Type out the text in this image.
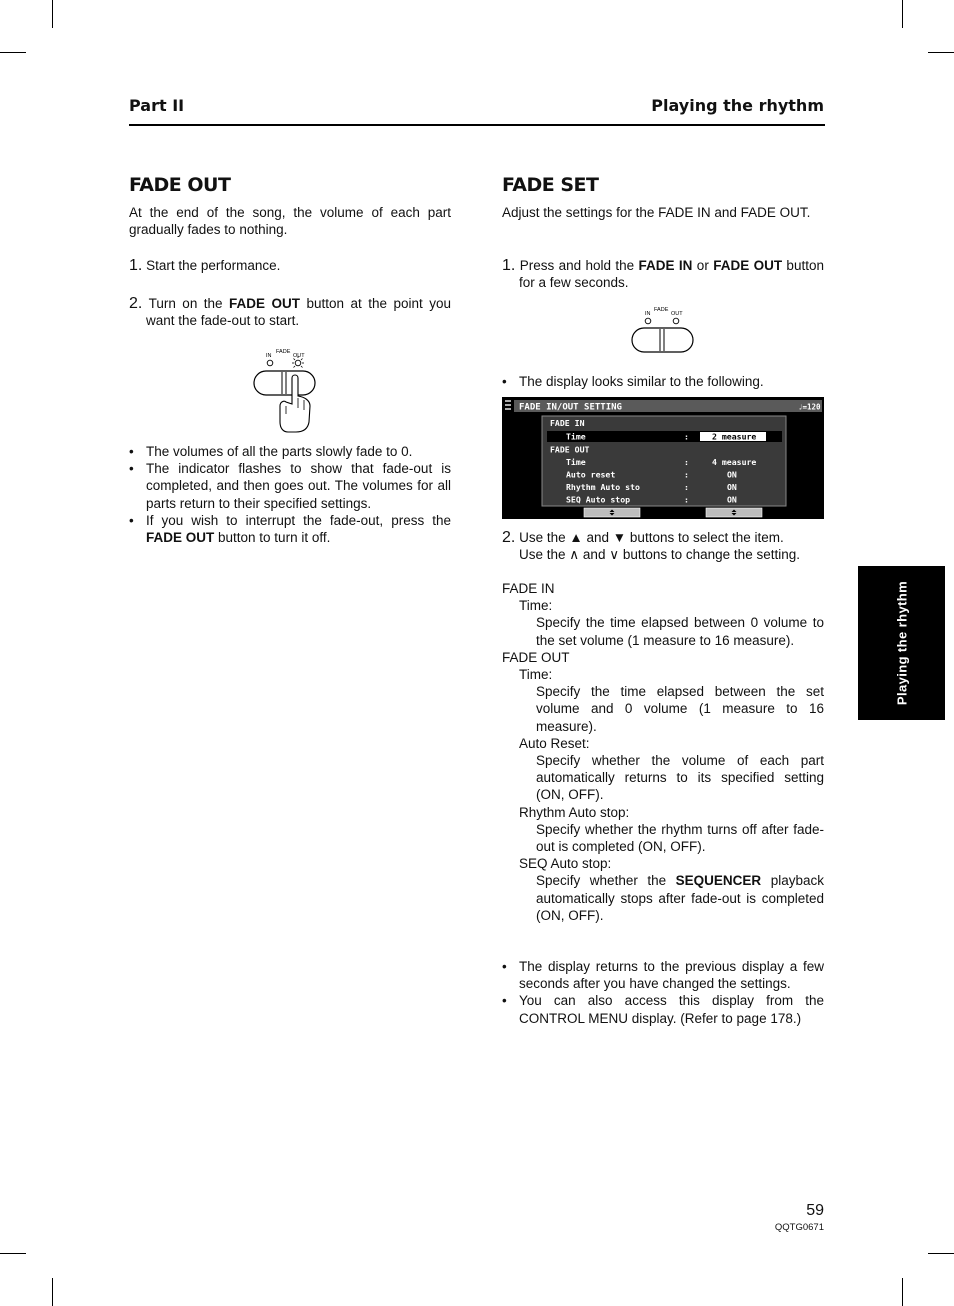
Part II	Playing the rhythm
Playing the rhythm
FADE OUT
At the end of the song, the volume of each part gradually fades to nothing.
1. Start the performance.
2. Turn on the FADE OUT button at the point you want the fade-out to start.
FADE
IN	OUT
• The volumes of all the parts slowly fade to 0.
• The indicator flashes to show that fade-out is completed, and then goes out. The volumes for all parts return to their specified settings.
• If you wish to interrupt the fade-out, press the FADE OUT button to turn it off.
FADE SET
Adjust the settings for the FADE IN and FADE OUT.
1. Press and hold the FADE IN or FADE OUT button for a few seconds.
FADE
IN	OUT
• The display looks similar to the following.
FADE IN/OUT SETTING	♩=120
FADE IN
Time	:	2 measure
FADE OUT
Time	:	4 measure
Auto reset	:	ON
Rhythm Auto sto	:	ON
SEQ Auto stop	:	ON
2. Use the ▲ and ▼ buttons to select the item.
Use the ∧ and ∨ buttons to change the setting.
FADE IN
Time:
Specify the time elapsed between 0 volume to the set volume (1 measure to 16 measure).
FADE OUT
Time:
Specify the time elapsed between the set volume and 0 volume (1 measure to 16 measure).
Auto Reset:
Specify whether the volume of each part automatically returns to its specified setting (ON, OFF).
Rhythm Auto stop:
Specify whether the rhythm turns off after fade-out is completed (ON, OFF).
SEQ Auto stop:
Specify whether the SEQUENCER playback automatically stops after fade-out is completed (ON, OFF).
• The display returns to the previous display a few seconds after you have changed the settings.
• You can also access this display from the CONTROL MENU display. (Refer to page 178.)
59
QQTG0671
